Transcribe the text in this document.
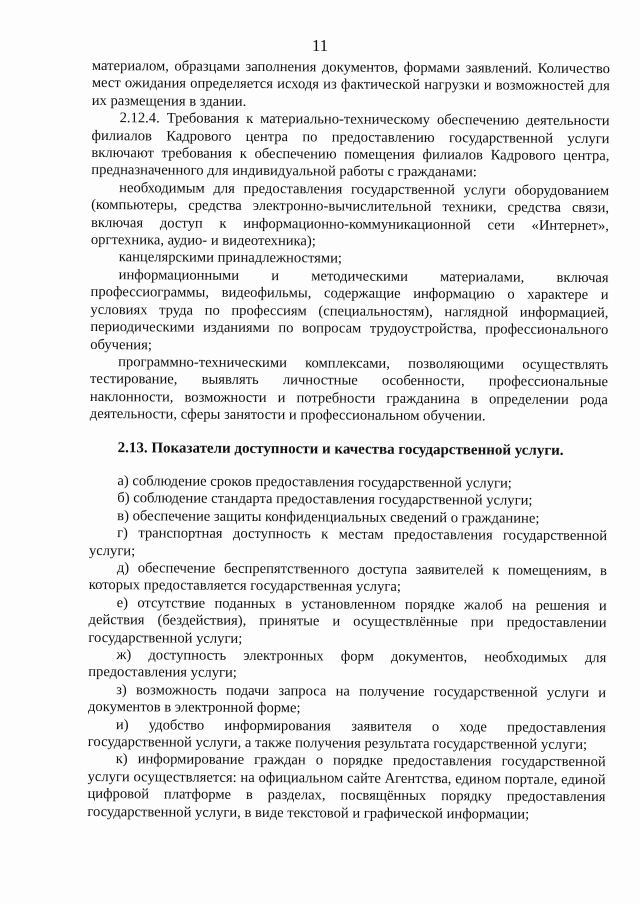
11

материалом, образцами заполнения документов, формами заявлений. Количество мест ожидания определяется исходя из фактической нагрузки и возможностей для их размещения в здании.

2.12.4. Требования к материально-техническому обеспечению деятельности филиалов Кадрового центра по предоставлению государственной услуги включают требования к обеспечению помещения филиалов Кадрового центра, предназначенного для индивидуальной работы с гражданами:

необходимым для предоставления государственной услуги оборудованием (компьютеры, средства электронно-вычислительной техники, средства связи, включая доступ к информационно-коммуникационной сети «Интернет», оргтехника, аудио- и видеотехника);

канцелярскими принадлежностями;

информационными и методическими материалами, включая профессиограммы, видеофильмы, содержащие информацию о характере и условиях труда по профессиям (специальностям), наглядной информацией, периодическими изданиями по вопросам трудоустройства, профессионального обучения;

программно-техническими комплексами, позволяющими осуществлять тестирование, выявлять личностные особенности, профессиональные наклонности, возможности и потребности гражданина в определении рода деятельности, сферы занятости и профессиональном обучении.

2.13. Показатели доступности и качества государственной услуги.

а) соблюдение сроков предоставления государственной услуги;

б) соблюдение стандарта предоставления государственной услуги;

в) обеспечение защиты конфиденциальных сведений о гражданине;

г) транспортная доступность к местам предоставления государственной услуги;

д) обеспечение беспрепятственного доступа заявителей к помещениям, в которых предоставляется государственная услуга;

е) отсутствие поданных в установленном порядке жалоб на решения и действия (бездействия), принятые и осуществлённые при предоставлении государственной услуги;

ж) доступность электронных форм документов, необходимых для предоставления услуги;

з) возможность подачи запроса на получение государственной услуги и документов в электронной форме;

и) удобство информирования заявителя о ходе предоставления государственной услуги, а также получения результата государственной услуги;

к) информирование граждан о порядке предоставления государственной услуги осуществляется: на официальном сайте Агентства, едином портале, единой цифровой платформе в разделах, посвящённых порядку предоставления государственной услуги, в виде текстовой и графической информации;
